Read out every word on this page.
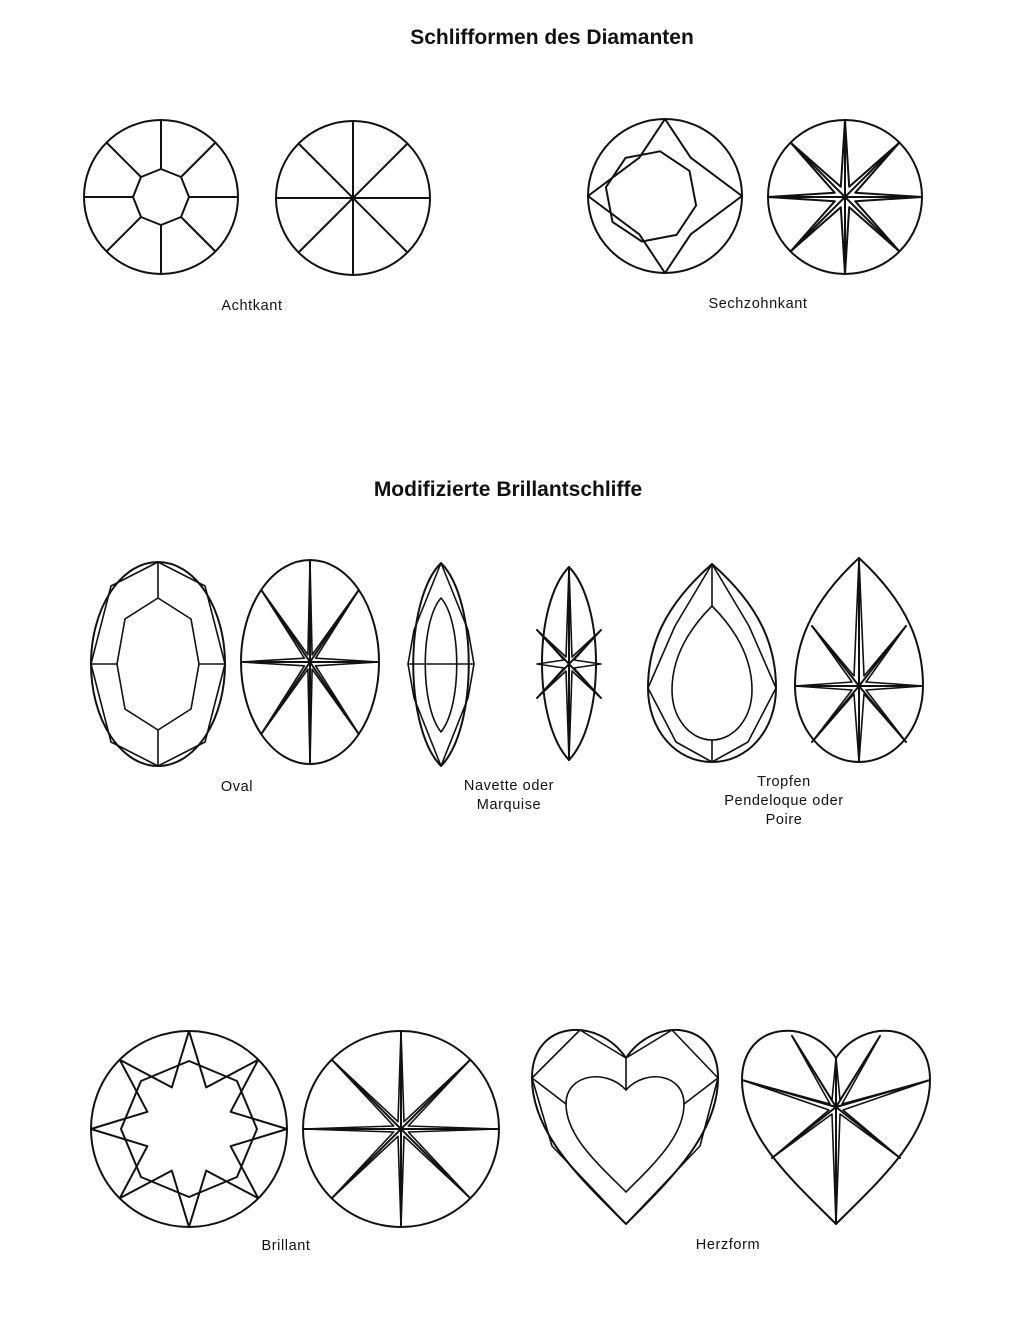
Schlifformen des Diamanten
Modifizierte Brillantschliffe
Achtkant	Sechzohnkant
Oval	Navette oder
Marquise
Tropfen
Pendeloque oder
Poire
Brillant	Herzform
